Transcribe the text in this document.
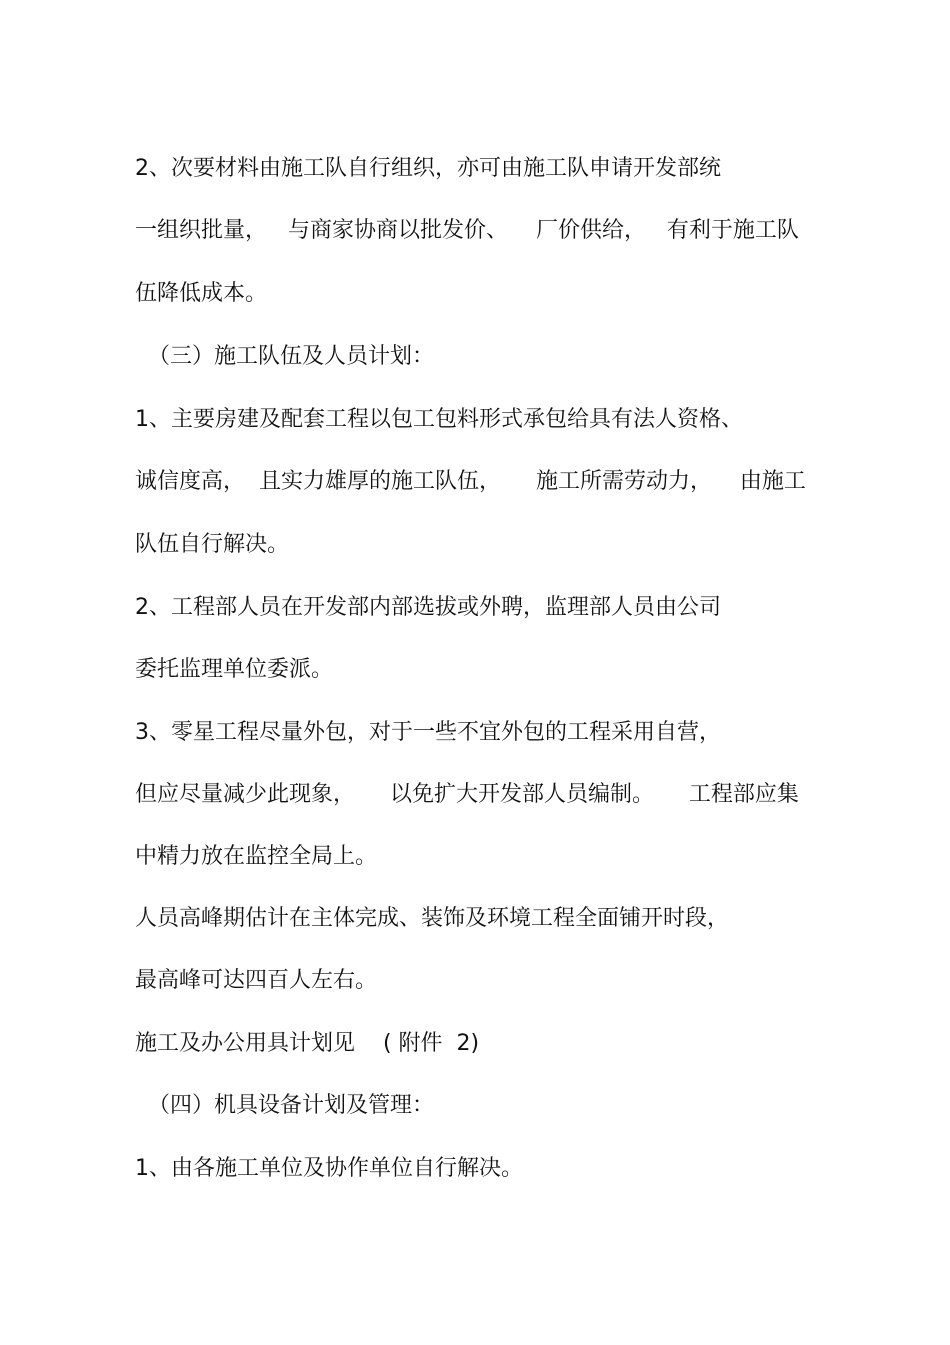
2、次要材料由施工队自行组织，亦可由施工队申请开发部统
一组织批量，   与商家协商以批发价、    厂价供给，   有利于施工队
伍降低成本。
（三）施工队伍及人员计划：
1、主要房建及配套工程以包工包料形式承包给具有法人资格、
诚信度高，  且实力雄厚的施工队伍，     施工所需劳动力，    由施工
队伍自行解决。
2、工程部人员在开发部内部选拔或外聘，监理部人员由公司
委托监理单位委派。
3、零星工程尽量外包，对于一些不宜外包的工程采用自营，
但应尽量减少此现象，     以免扩大开发部人员编制。     工程部应集
中精力放在监控全局上。
人员高峰期估计在主体完成、装饰及环境工程全面铺开时段，
最高峰可达四百人左右。
施工及办公用具计划见    ( 附件  2)
（四）机具设备计划及管理：
1、由各施工单位及协作单位自行解决。
